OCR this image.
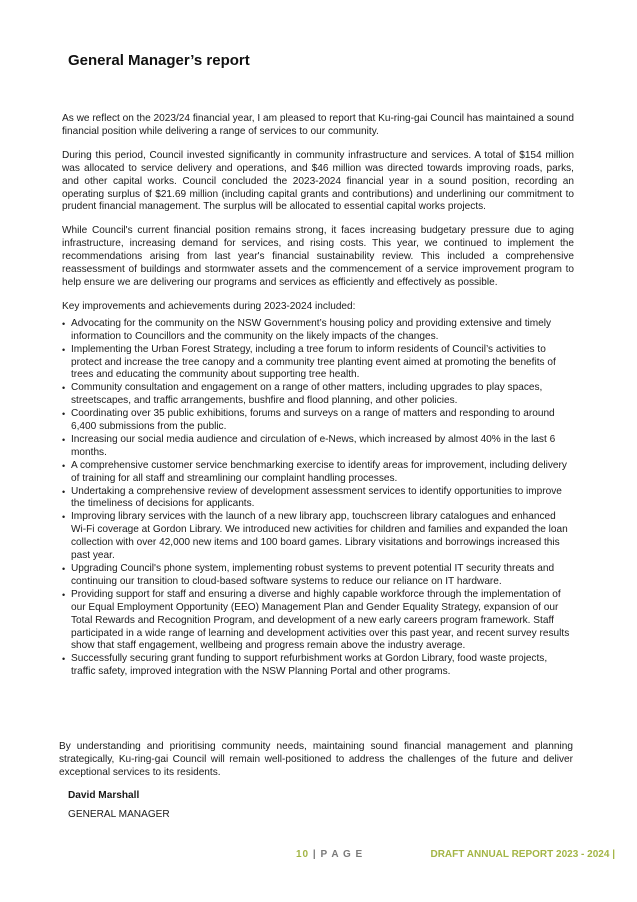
General Manager’s report

As we reflect on the 2023/24 financial year, I am pleased to report that Ku-ring-gai Council has maintained a sound financial position while delivering a range of services to our community.

During this period, Council invested significantly in community infrastructure and services. A total of $154 million was allocated to service delivery and operations, and $46 million was directed towards improving roads, parks, and other capital works. Council concluded the 2023-2024 financial year in a sound position, recording an operating surplus of $21.69 million (including capital grants and contributions) and underlining our commitment to prudent financial management. The surplus will be allocated to essential capital works projects.

While Council's current financial position remains strong, it faces increasing budgetary pressure due to aging infrastructure, increasing demand for services, and rising costs. This year, we continued to implement the recommendations arising from last year's financial sustainability review. This included a comprehensive reassessment of buildings and stormwater assets and the commencement of a service improvement program to help ensure we are delivering our programs and services as efficiently and effectively as possible.

Key improvements and achievements during 2023-2024 included:

• Advocating for the community on the NSW Government’s housing policy and providing extensive and timely information to Councillors and the community on the likely impacts of the changes.
• Implementing the Urban Forest Strategy, including a tree forum to inform residents of Council’s activities to protect and increase the tree canopy and a community tree planting event aimed at promoting the benefits of trees and educating the community about supporting tree health.
• Community consultation and engagement on a range of other matters, including upgrades to play spaces, streetscapes, and traffic arrangements, bushfire and flood planning, and other policies.
• Coordinating over 35 public exhibitions, forums and surveys on a range of matters and responding to around 6,400 submissions from the public.
• Increasing our social media audience and circulation of e-News, which increased by almost 40% in the last 6 months.
• A comprehensive customer service benchmarking exercise to identify areas for improvement, including delivery of training for all staff and streamlining our complaint handling processes.
• Undertaking a comprehensive review of development assessment services to identify opportunities to improve the timeliness of decisions for applicants.
• Improving library services with the launch of a new library app, touchscreen library catalogues and enhanced Wi-Fi coverage at Gordon Library. We introduced new activities for children and families and expanded the loan collection with over 42,000 new items and 100 board games. Library visitations and borrowings increased this past year.
• Upgrading Council's phone system, implementing robust systems to prevent potential IT security threats and continuing our transition to cloud-based software systems to reduce our reliance on IT hardware.
• Providing support for staff and ensuring a diverse and highly capable workforce through the implementation of our Equal Employment Opportunity (EEO) Management Plan and Gender Equality Strategy, expansion of our Total Rewards and Recognition Program, and development of a new early careers program framework. Staff participated in a wide range of learning and development activities over this past year, and recent survey results show that staff engagement, wellbeing and progress remain above the industry average.
• Successfully securing grant funding to support refurbishment works at Gordon Library, food waste projects, traffic safety, improved integration with the NSW Planning Portal and other programs.

By understanding and prioritising community needs, maintaining sound financial management and planning strategically, Ku-ring-gai Council will remain well-positioned to address the challenges of the future and deliver exceptional services to its residents.

David Marshall

GENERAL MANAGER

10 | P A G E	DRAFT ANNUAL REPORT 2023 - 2024 |
